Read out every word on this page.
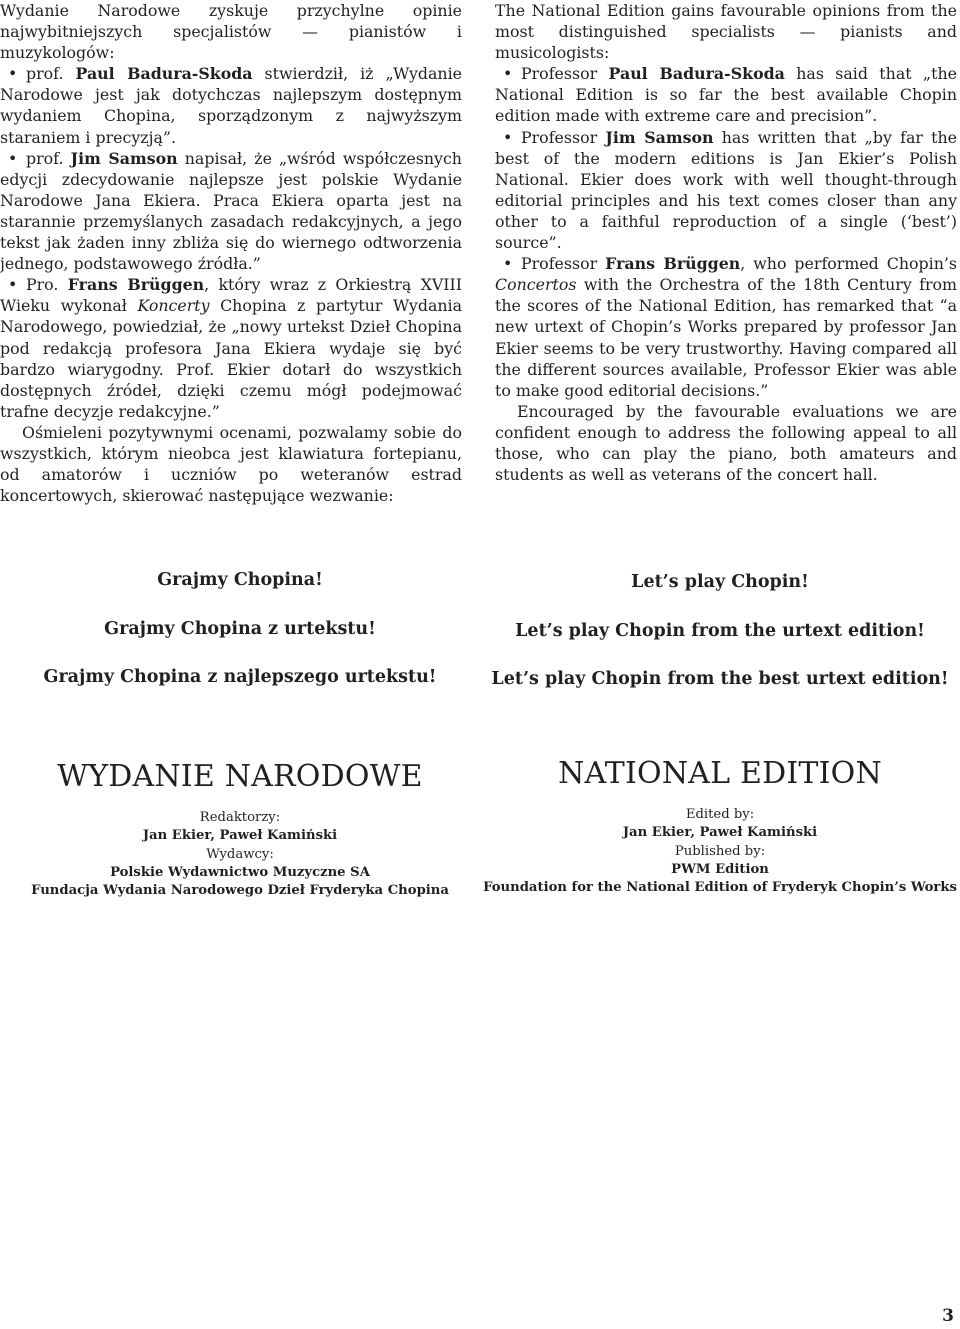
Wydanie Narodowe zyskuje przychylne opinie najwybitniejszych specjalistów — pianistów i muzykologów:

• prof. Paul Badura-Skoda stwierdził, iż „Wydanie Narodowe jest jak dotychczas najlepszym dostępnym wydaniem Chopina, sporządzonym z najwyższym staraniem i precyzją”.

• prof. Jim Samson napisał, że „wśród współczesnych edycji zdecydowanie najlepsze jest polskie Wydanie Narodowe Jana Ekiera. Praca Ekiera oparta jest na starannie przemyślanych zasadach redakcyjnych, a jego tekst jak żaden inny zbliża się do wiernego odtworzenia jednego, podstawowego źródła.”

• Pro. Frans Brüggen, który wraz z Orkiestrą XVIII Wieku wykonał Koncerty Chopina z partytur Wydania Narodowego, powiedział, że „nowy urtekst Dzieł Chopina pod redakcją profesora Jana Ekiera wydaje się być bardzo wiarygodny. Prof. Ekier dotarł do wszystkich dostępnych źródeł, dzięki czemu mógł podejmować trafne decyzje redakcyjne.”

Ośmieleni pozytywnymi ocenami, pozwalamy sobie do wszystkich, którym nieobca jest klawiatura fortepianu, od amatorów i uczniów po weteranów estrad koncertowych, skierować następujące wezwanie:

The National Edition gains favourable opinions from the most distinguished specialists — pianists and musicologists:

• Professor Paul Badura-Skoda has said that „the National Edition is so far the best available Chopin edition made with extreme care and precision”.

• Professor Jim Samson has written that „by far the best of the modern editions is Jan Ekier’s Polish National. Ekier does work with well thought-through editorial principles and his text comes closer than any other to a faithful reproduction of a single (‘best’) source”.

• Professor Frans Brüggen, who performed Chopin’s Concertos with the Orchestra of the 18th Century from the scores of the National Edition, has remarked that “a new urtext of Chopin’s Works prepared by professor Jan Ekier seems to be very trustworthy. Having compared all the different sources available, Professor Ekier was able to make good editorial decisions.”

Encouraged by the favourable evaluations we are confident enough to address the following appeal to all those, who can play the piano, both amateurs and students as well as veterans of the concert hall.

Grajmy Chopina!
Grajmy Chopina z urtekstu!
Grajmy Chopina z najlepszego urtekstu!
Let’s play Chopin!
Let’s play Chopin from the urtext edition!
Let’s play Chopin from the best urtext edition!
WYDANIE NARODOWE
Redaktorzy:
Jan Ekier, Paweł Kamiński
Wydawcy:
Polskie Wydawnictwo Muzyczne SA
Fundacja Wydania Narodowego Dzieł Fryderyka Chopina
NATIONAL EDITION
Edited by:
Jan Ekier, Paweł Kamiński
Published by:
PWM Edition
Foundation for the National Edition of Fryderyk Chopin’s Works
3
